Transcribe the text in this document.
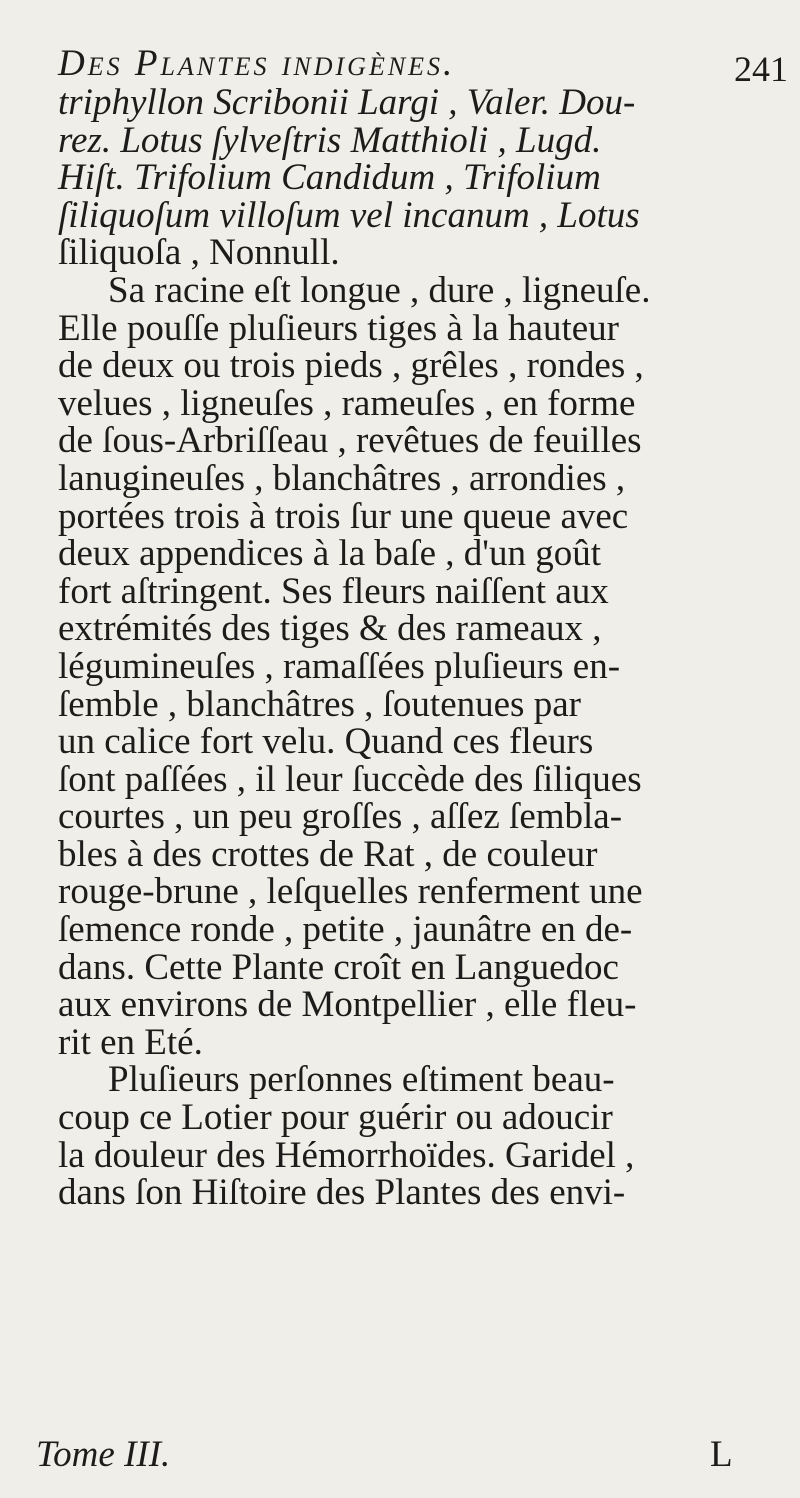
Des Plantes indigènes.	241
triphyllon Scribonii Largi , Valer. Dou-
rez. Lotus ſylveſtris Matthioli , Lugd.
Hiſt. Trifolium Candidum , Trifolium
ſiliquoſum villoſum vel incanum , Lotus
ſiliquoſa , Nonnull.
Sa racine eſt longue , dure , ligneuſe.
Elle pouſſe pluſieurs tiges à la hauteur
de deux ou trois pieds , grêles , rondes ,
velues , ligneuſes , rameuſes , en forme
de ſous-Arbriſſeau , revêtues de feuilles
lanugineuſes , blanchâtres , arrondies ,
portées trois à trois ſur une queue avec
deux appendices à la baſe , d'un goût
fort aſtringent. Ses fleurs naiſſent aux
extrémités des tiges & des rameaux ,
légumineuſes , ramaſſées pluſieurs en-
ſemble , blanchâtres , ſoutenues par
un calice fort velu. Quand ces fleurs
ſont paſſées , il leur ſuccède des ſiliques
courtes , un peu groſſes , aſſez ſembla-
bles à des crottes de Rat , de couleur
rouge-brune , leſquelles renferment une
ſemence ronde , petite , jaunâtre en de-
dans. Cette Plante croît en Languedoc
aux environs de Montpellier , elle fleu-
rit en Eté.
Pluſieurs perſonnes eſtiment beau-
coup ce Lotier pour guérir ou adoucir
la douleur des Hémorrhoïdes. Garidel ,
dans ſon Hiſtoire des Plantes des envi-
Tome III.	L
